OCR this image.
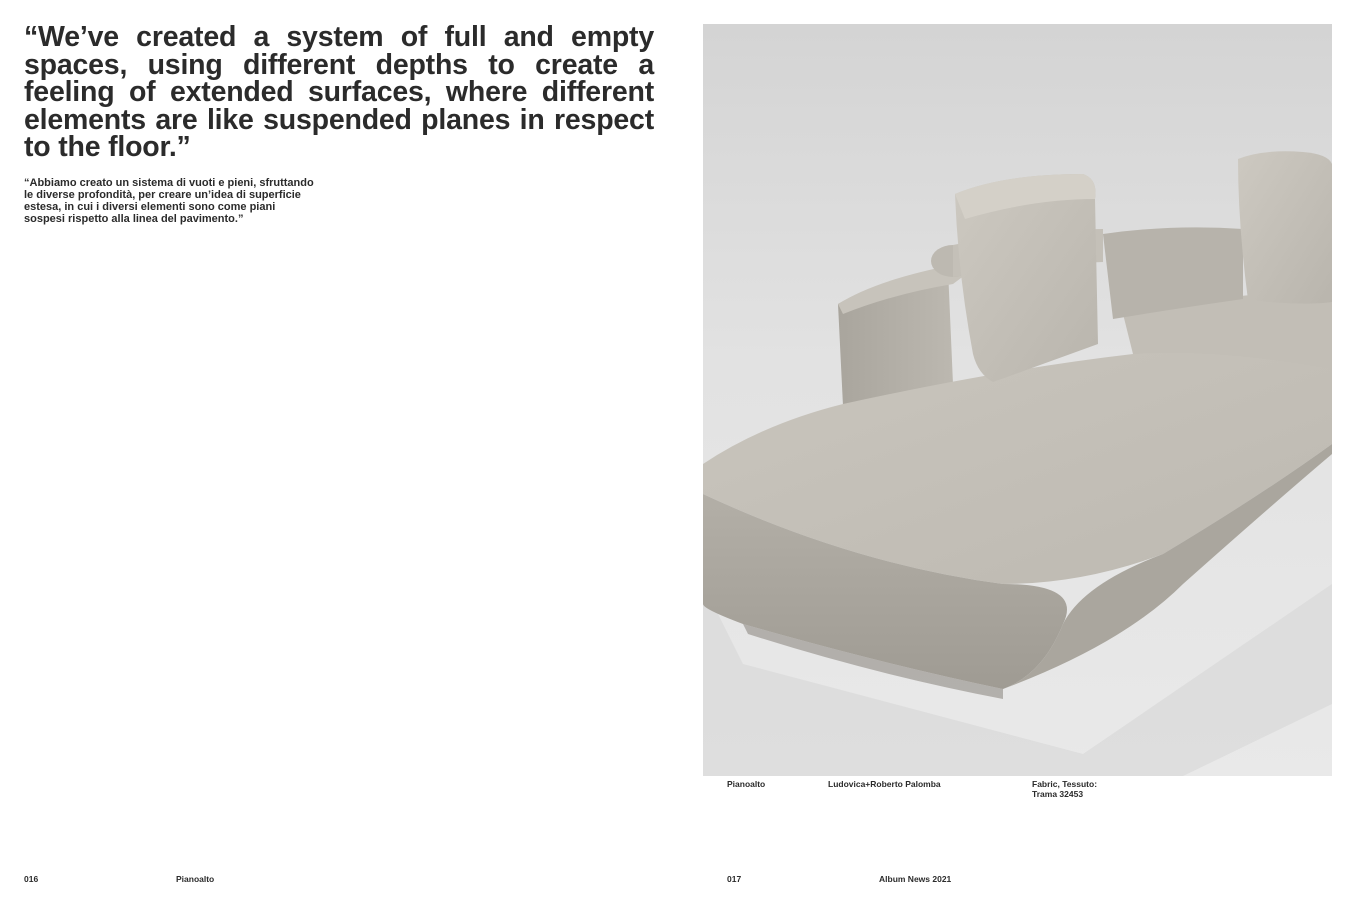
“We’ve created a system of full and empty spaces, using different depths to create a feeling of extended surfaces, where different elements are like suspended planes in respect to the floor.”
“Abbiamo creato un sistema di vuoti e pieni, sfruttando le diverse profondità, per creare un’idea di superficie estesa, in cui i diversi elementi sono come piani sospesi rispetto alla linea del pavimento.”
Pianoalto	Ludovica+Roberto Palomba	Fabric, Tessuto:
Trama 32453
016	Pianoalto	017	Album News 2021
